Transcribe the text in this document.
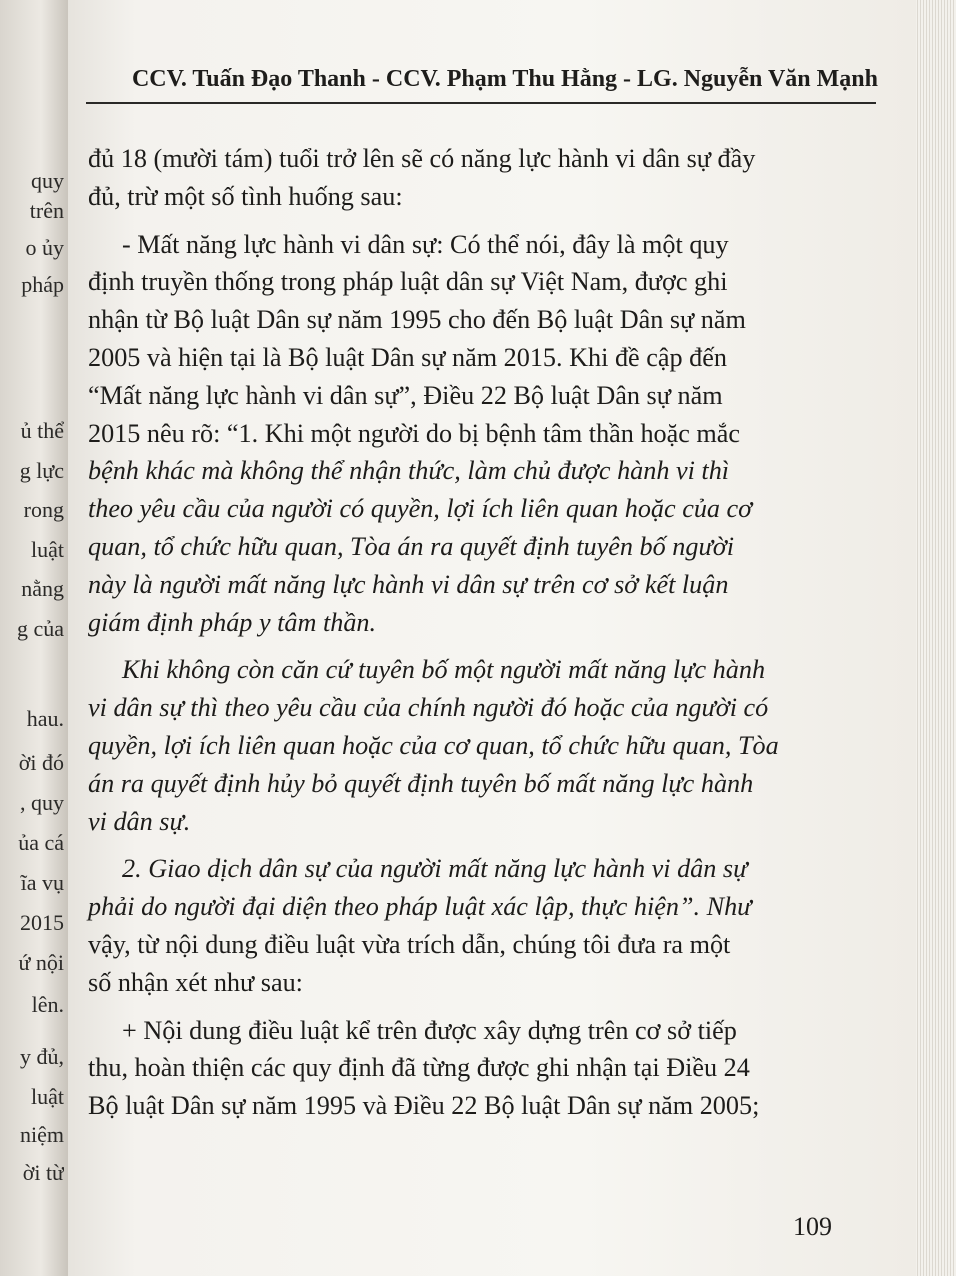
quy
trên
o ủy
pháp
ủ thể
g lực
rong
luật
nằng
g của
hau.
ời đó
, quy
ủa cá
ĩa vụ
2015
ứ nội
lên.
y đủ,
luật
niệm
ời từ
CCV. Tuấn Đạo Thanh - CCV. Phạm Thu Hằng - LG. Nguyễn Văn Mạnh
đủ 18 (mười tám) tuổi trở lên sẽ có năng lực hành vi dân sự đầy
đủ, trừ một số tình huống sau:
- Mất năng lực hành vi dân sự: Có thể nói, đây là một quy
định truyền thống trong pháp luật dân sự Việt Nam, được ghi
nhận từ Bộ luật Dân sự năm 1995 cho đến Bộ luật Dân sự năm
2005 và hiện tại là Bộ luật Dân sự năm 2015. Khi đề cập đến
“Mất năng lực hành vi dân sự”, Điều 22 Bộ luật Dân sự năm
2015 nêu rõ: “1. Khi một người do bị bệnh tâm thần hoặc mắc
bệnh khác mà không thể nhận thức, làm chủ được hành vi thì
theo yêu cầu của người có quyền, lợi ích liên quan hoặc của cơ
quan, tổ chức hữu quan, Tòa án ra quyết định tuyên bố người
này là người mất năng lực hành vi dân sự trên cơ sở kết luận
giám định pháp y tâm thần.
Khi không còn căn cứ tuyên bố một người mất năng lực hành
vi dân sự thì theo yêu cầu của chính người đó hoặc của người có
quyền, lợi ích liên quan hoặc của cơ quan, tổ chức hữu quan, Tòa
án ra quyết định hủy bỏ quyết định tuyên bố mất năng lực hành
vi dân sự.
2. Giao dịch dân sự của người mất năng lực hành vi dân sự
phải do người đại diện theo pháp luật xác lập, thực hiện”. Như
vậy, từ nội dung điều luật vừa trích dẫn, chúng tôi đưa ra một
số nhận xét như sau:
+ Nội dung điều luật kể trên được xây dựng trên cơ sở tiếp
thu, hoàn thiện các quy định đã từng được ghi nhận tại Điều 24
Bộ luật Dân sự năm 1995 và Điều 22 Bộ luật Dân sự năm 2005;
109
